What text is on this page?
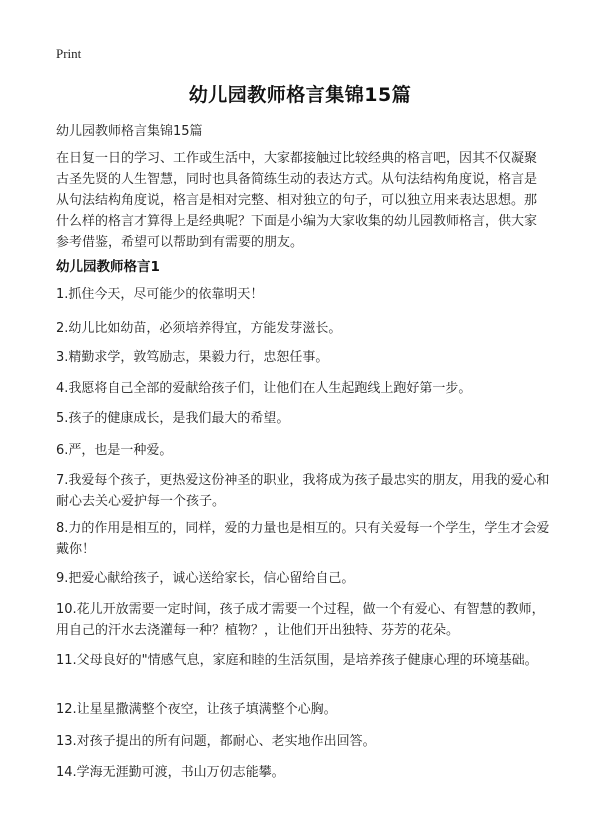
Print
幼儿园教师格言集锦15篇
幼儿园教师格言集锦15篇

在日复一日的学习、工作或生活中，大家都接触过比较经典的格言吧，因其不仅凝聚古圣先贤的人生智慧，同时也具备简练生动的表达方式。从句法结构角度说，格言是从句法结构角度说，格言是相对完整、相对独立的句子，可以独立用来表达思想。那什么样的格言才算得上是经典呢？下面是小编为大家收集的幼儿园教师格言，供大家参考借鉴，希望可以帮助到有需要的朋友。

幼儿园教师格言1

1.抓住今天，尽可能少的依靠明天！

2.幼儿比如幼苗，必须培养得宜，方能发芽滋长。

3.精勤求学，敦笃励志，果毅力行，忠恕任事。

4.我愿将自己全部的爱献给孩子们，让他们在人生起跑线上跑好第一步。

5.孩子的健康成长，是我们最大的希望。

6.严，也是一种爱。

7.我爱每个孩子，更热爱这份神圣的职业，我将成为孩子最忠实的朋友，用我的爱心和耐心去关心爱护每一个孩子。

8.力的作用是相互的，同样，爱的力量也是相互的。只有关爱每一个学生，学生才会爱戴你！

9.把爱心献给孩子，诚心送给家长，信心留给自己。

10.花儿开放需要一定时间，孩子成才需要一个过程，做一个有爱心、有智慧的教师，用自己的汗水去浇灌每一种？植物？，让他们开出独特、芬芳的花朵。

11.父母良好的"情感气息，家庭和睦的生活氛围，是培养孩子健康心理的环境基础。

12.让星星撒满整个夜空，让孩子填满整个心胸。

13.对孩子提出的所有问题，都耐心、老实地作出回答。

14.学海无涯勤可渡，书山万仞志能攀。
